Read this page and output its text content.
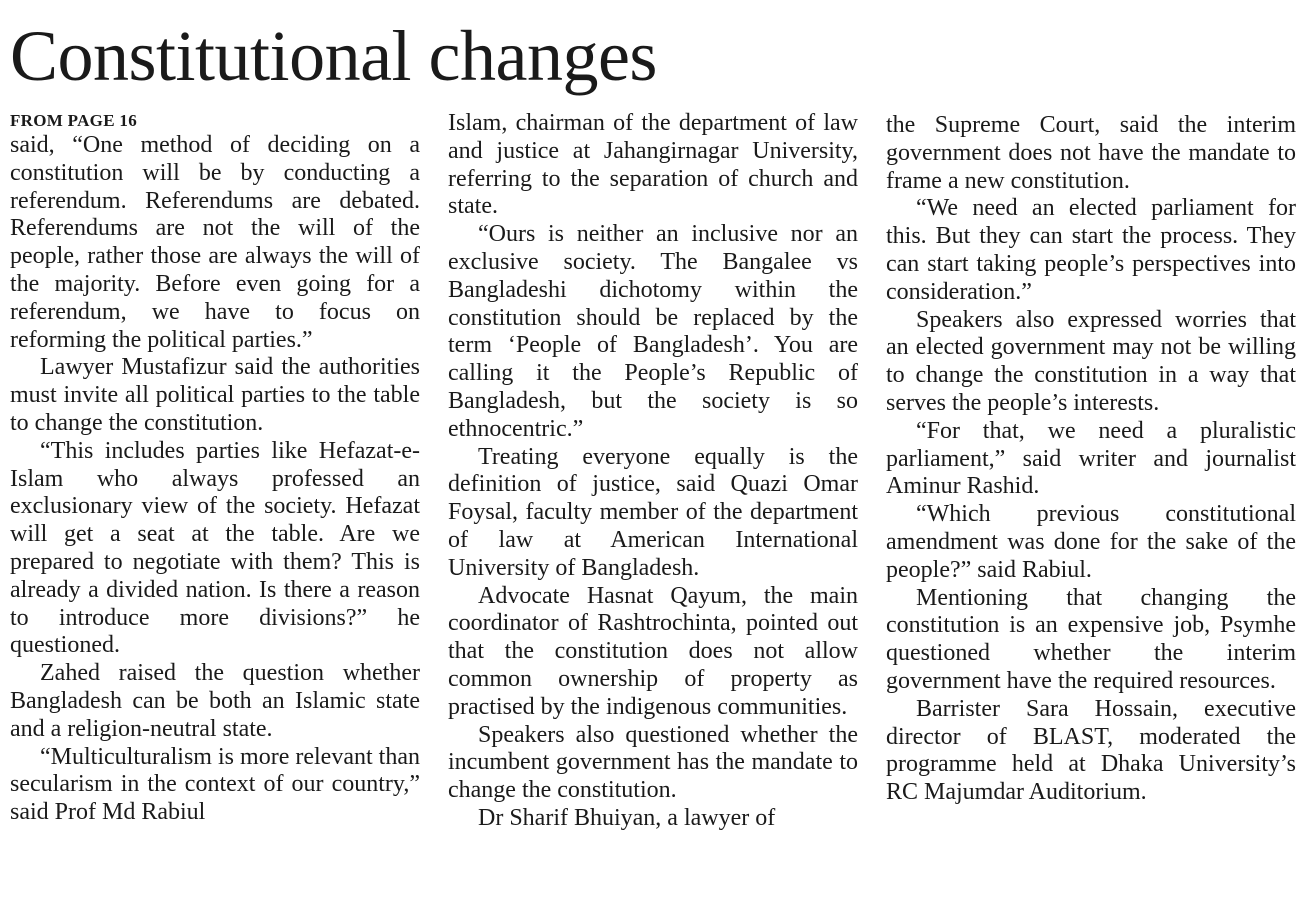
Constitutional changes
FROM PAGE 16

said, “One method of deciding on a constitution will be by conducting a referendum. Referendums are debated. Referendums are not the will of the people, rather those are always the will of the majority. Before even going for a referendum, we have to focus on reforming the political parties.”

Lawyer Mustafizur said the authorities must invite all political parties to the table to change the constitution.

“This includes parties like Hefazat-e-Islam who always professed an exclusionary view of the society. Hefazat will get a seat at the table. Are we prepared to negotiate with them? This is already a divided nation. Is there a reason to introduce more divisions?” he questioned.

Zahed raised the question whether Bangladesh can be both an Islamic state and a religion-neutral state.

“Multiculturalism is more relevant than secularism in the context of our country,” said Prof Md Rabiul

Islam, chairman of the department of law and justice at Jahangirnagar University, referring to the separation of church and state.

“Ours is neither an inclusive nor an exclusive society. The Bangalee vs Bangladeshi dichotomy within the constitution should be replaced by the term ‘People of Bangladesh’. You are calling it the People’s Republic of Bangladesh, but the society is so ethnocentric.”

Treating everyone equally is the definition of justice, said Quazi Omar Foysal, faculty member of the department of law at American International University of Bangladesh.

Advocate Hasnat Qayum, the main coordinator of Rashtrochinta, pointed out that the constitution does not allow common ownership of property as practised by the indigenous communities.

Speakers also questioned whether the incumbent government has the mandate to change the constitution.

Dr Sharif Bhuiyan, a lawyer of

the Supreme Court, said the interim government does not have the mandate to frame a new constitution.

“We need an elected parliament for this. But they can start the process. They can start taking people’s perspectives into consideration.”

Speakers also expressed worries that an elected government may not be willing to change the constitution in a way that serves the people’s interests.

“For that, we need a pluralistic parliament,” said writer and journalist Aminur Rashid.

“Which previous constitutional amendment was done for the sake of the people?” said Rabiul.

Mentioning that changing the constitution is an expensive job, Psymhe questioned whether the interim government have the required resources.

Barrister Sara Hossain, executive director of BLAST, moderated the programme held at Dhaka University’s RC Majumdar Auditorium.
